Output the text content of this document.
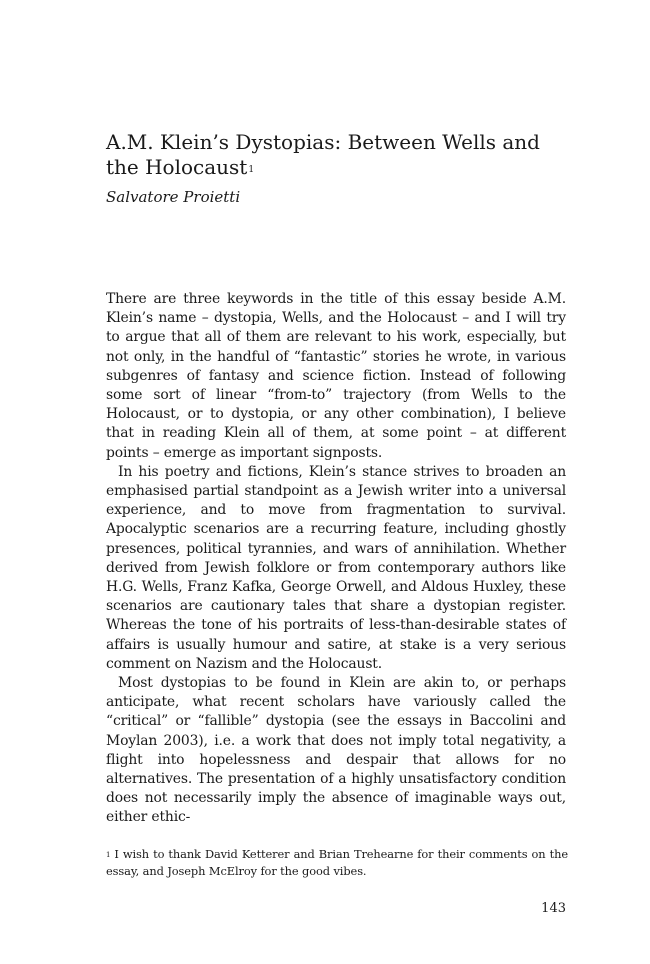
A.M. Klein’s Dystopias: Between Wells and the Holocaust$^1$
Salvatore Proietti

There are three keywords in the title of this essay beside A.M. Klein’s name – dystopia, Wells, and the Holocaust – and I will try to argue that all of them are relevant to his work, especially, but not only, in the handful of “fantastic” stories he wrote, in various subgenres of fantasy and science fiction. Instead of following some sort of linear “from-to” trajectory (from Wells to the Holocaust, or to dystopia, or any other combination), I believe that in reading Klein all of them, at some point – at different points – emerge as important signposts.

In his poetry and fictions, Klein’s stance strives to broaden an emphasised partial standpoint as a Jewish writer into a universal experience, and to move from fragmentation to survival. Apocalyptic scenarios are a recurring feature, including ghostly presences, political tyrannies, and wars of annihilation. Whether derived from Jewish folklore or from contemporary authors like H.G. Wells, Franz Kafka, George Orwell, and Aldous Huxley, these scenarios are cautionary tales that share a dystopian register. Whereas the tone of his portraits of less-than-desirable states of affairs is usually humour and satire, at stake is a very serious comment on Nazism and the Holocaust.

Most dystopias to be found in Klein are akin to, or perhaps anticipate, what recent scholars have variously called the “critical” or “fallible” dystopia (see the essays in Baccolini and Moylan 2003), i.e. a work that does not imply total negativity, a flight into hopelessness and despair that allows for no alternatives. The presentation of a highly unsatisfactory condition does not necessarily imply the absence of imaginable ways out, either ethic-

$^1$ I wish to thank David Ketterer and Brian Trehearne for their comments on the essay, and Joseph McElroy for the good vibes.
143
